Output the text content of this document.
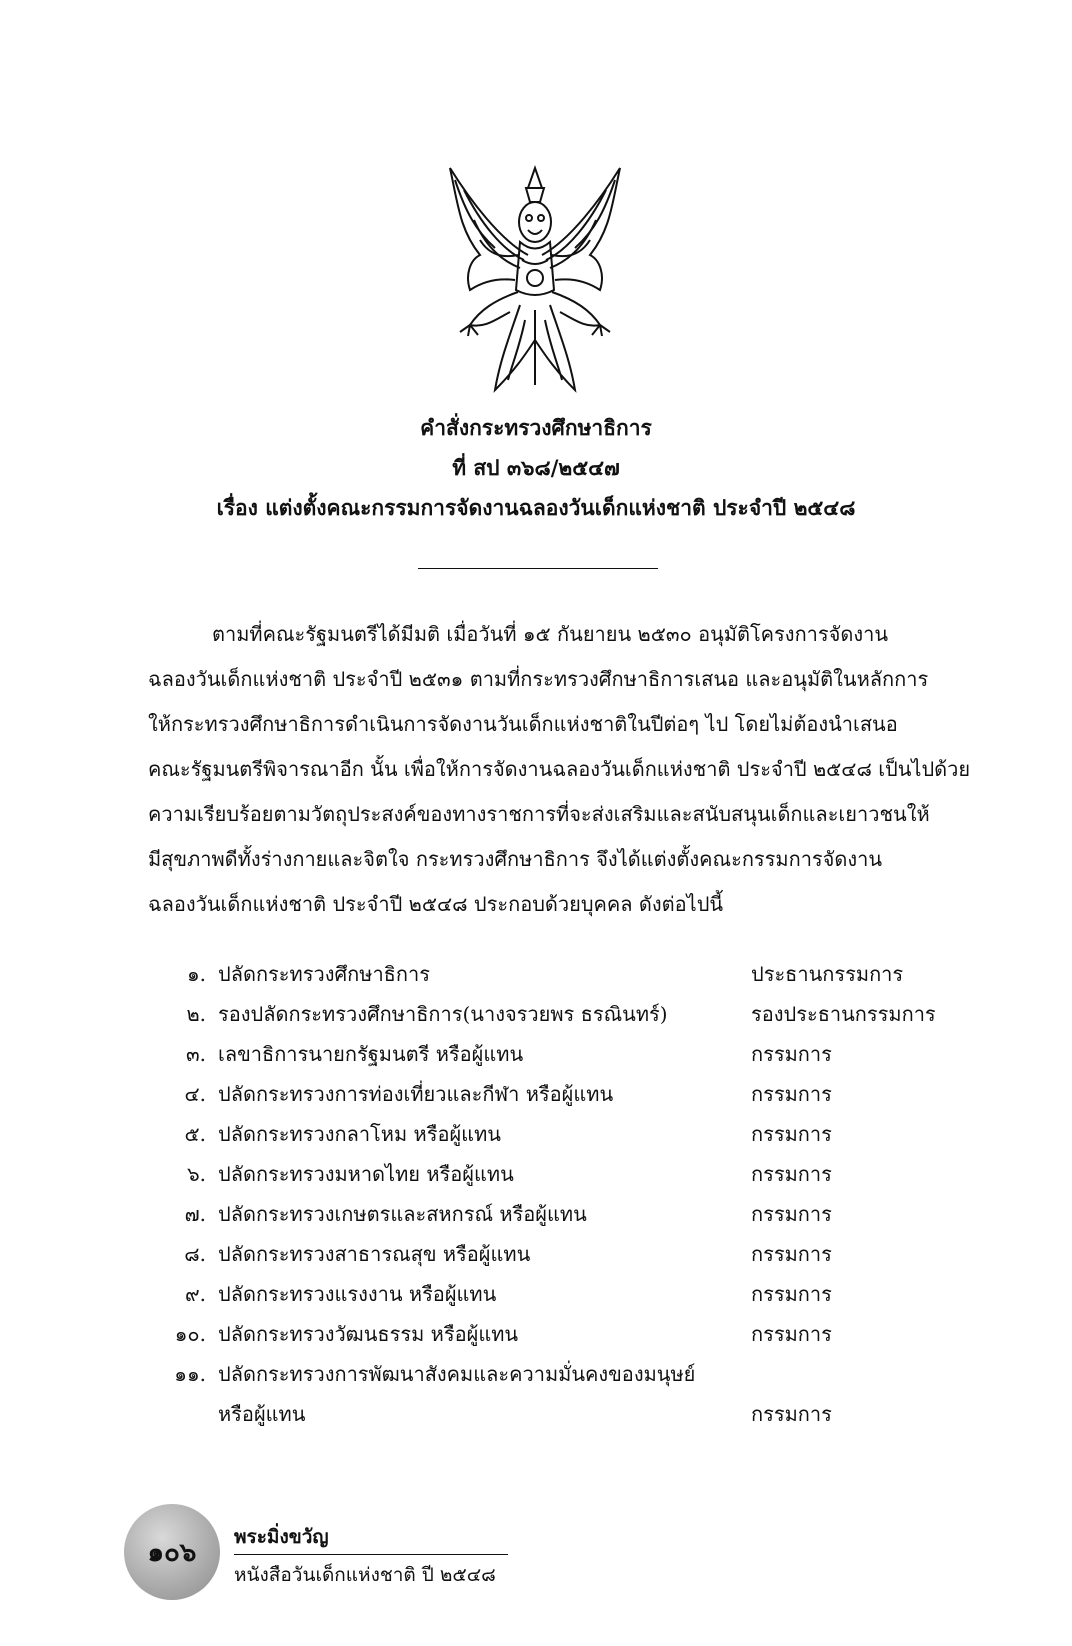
คำสั่งกระทรวงศึกษาธิการ
ที่ สป ๓๖๘/๒๕๔๗
เรื่อง แต่งตั้งคณะกรรมการจัดงานฉลองวันเด็กแห่งชาติ ประจำปี ๒๕๔๘

ตามที่คณะรัฐมนตรีได้มีมติ เมื่อวันที่ ๑๕ กันยายน ๒๕๓๐ อนุมัติโครงการจัดงาน
ฉลองวันเด็กแห่งชาติ ประจำปี ๒๕๓๑ ตามที่กระทรวงศึกษาธิการเสนอ และอนุมัติในหลักการ
ให้กระทรวงศึกษาธิการดำเนินการจัดงานวันเด็กแห่งชาติในปีต่อๆ ไป โดยไม่ต้องนำเสนอ
คณะรัฐมนตรีพิจารณาอีก นั้น เพื่อให้การจัดงานฉลองวันเด็กแห่งชาติ ประจำปี ๒๕๔๘ เป็นไปด้วย
ความเรียบร้อยตามวัตถุประสงค์ของทางราชการที่จะส่งเสริมและสนับสนุนเด็กและเยาวชนให้
มีสุขภาพดีทั้งร่างกายและจิตใจ กระทรวงศึกษาธิการ จึงได้แต่งตั้งคณะกรรมการจัดงาน
ฉลองวันเด็กแห่งชาติ ประจำปี ๒๕๔๘ ประกอบด้วยบุคคล ดังต่อไปนี้

๑. ปลัดกระทรวงศึกษาธิการ	ประธานกรรมการ
๒. รองปลัดกระทรวงศึกษาธิการ(นางจรวยพร ธรณินทร์)	รองประธานกรรมการ
๓. เลขาธิการนายกรัฐมนตรี หรือผู้แทน	กรรมการ
๔. ปลัดกระทรวงการท่องเที่ยวและกีฬา หรือผู้แทน	กรรมการ
๕. ปลัดกระทรวงกลาโหม หรือผู้แทน	กรรมการ
๖. ปลัดกระทรวงมหาดไทย หรือผู้แทน	กรรมการ
๗. ปลัดกระทรวงเกษตรและสหกรณ์ หรือผู้แทน	กรรมการ
๘. ปลัดกระทรวงสาธารณสุข หรือผู้แทน	กรรมการ
๙. ปลัดกระทรวงแรงงาน หรือผู้แทน	กรรมการ
๑๐. ปลัดกระทรวงวัฒนธรรม หรือผู้แทน	กรรมการ
๑๑. ปลัดกระทรวงการพัฒนาสังคมและความมั่นคงของมนุษย์
หรือผู้แทน	กรรมการ
๑๐๖
พระมิ่งขวัญ
หนังสือวันเด็กแห่งชาติ ปี ๒๕๔๘
